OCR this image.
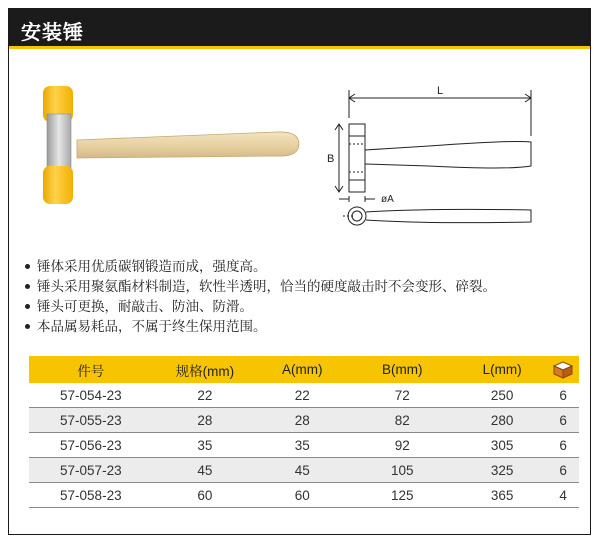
安装锤
L
B
øA
锤体采用优质碳钢锻造而成，强度高。
锤头采用聚氨酯材料制造，软性半透明，恰当的硬度敲击时不会变形、碎裂。
锤头可更换，耐敲击、防油、防滑。
本品属易耗品，不属于终生保用范围。
件号	规格(mm)	A(mm)	B(mm)	L(mm)	
57-054-23	22	22	72	250	6
57-055-23	28	28	82	280	6
57-056-23	35	35	92	305	6
57-057-23	45	45	105	325	6
57-058-23	60	60	125	365	4
